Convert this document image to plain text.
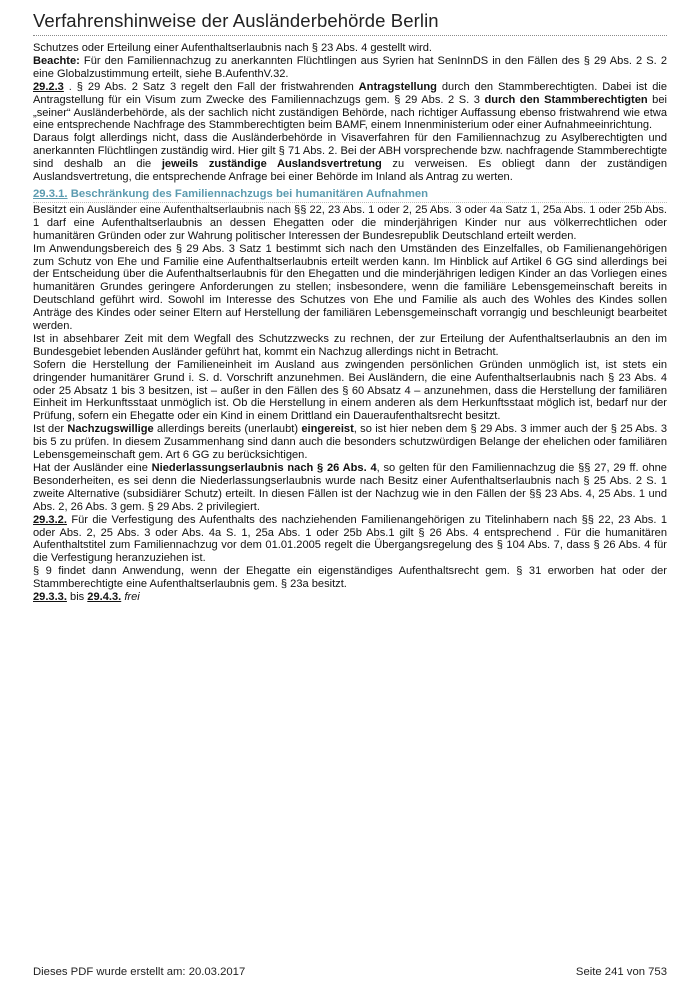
Verfahrenshinweise der Ausländerbehörde Berlin

Schutzes oder Erteilung einer Aufenthaltserlaubnis nach § 23 Abs. 4 gestellt wird.

Beachte: Für den Familiennachzug zu anerkannten Flüchtlingen aus Syrien hat SenInnDS in den Fällen des § 29 Abs. 2 S. 2 eine Globalzustimmung erteilt, siehe B.AufenthV.32.

29.2.3 . § 29 Abs. 2 Satz 3 regelt den Fall der fristwahrenden Antragstellung durch den Stammberechtigten. Dabei ist die Antragstellung für ein Visum zum Zwecke des Familiennachzugs gem. § 29 Abs. 2 S. 3 durch den Stammberechtigten bei „seiner“ Ausländerbehörde, als der sachlich nicht zuständigen Behörde, nach richtiger Auffassung ebenso fristwahrend wie etwa eine entsprechende Nachfrage des Stammberechtigten beim BAMF, einem Innenministerium oder einer Aufnahmeeinrichtung.

Daraus folgt allerdings nicht, dass die Ausländerbehörde in Visaverfahren für den Familiennachzug zu Asylberechtigten und anerkannten Flüchtlingen zuständig wird. Hier gilt § 71 Abs. 2. Bei der ABH vorsprechende bzw. nachfragende Stammberechtigte sind deshalb an die jeweils zuständige Auslandsvertretung zu verweisen. Es obliegt dann der zuständigen Auslandsvertretung, die entsprechende Anfrage bei einer Behörde im Inland als Antrag zu werten.

29.3.1. Beschränkung des Familiennachzugs bei humanitären Aufnahmen

Besitzt ein Ausländer eine Aufenthaltserlaubnis nach §§ 22, 23 Abs. 1 oder 2, 25 Abs. 3 oder 4a Satz 1, 25a Abs. 1 oder 25b Abs. 1 darf eine Aufenthaltserlaubnis an dessen Ehegatten oder die minderjährigen Kinder nur aus völkerrechtlichen oder humanitären Gründen oder zur Wahrung politischer Interessen der Bundesrepublik Deutschland erteilt werden.

Im Anwendungsbereich des § 29 Abs. 3 Satz 1 bestimmt sich nach den Umständen des Einzelfalles, ob Familienangehörigen zum Schutz von Ehe und Familie eine Aufenthaltserlaubnis erteilt werden kann. Im Hinblick auf Artikel 6 GG sind allerdings bei der Entscheidung über die Aufenthaltserlaubnis für den Ehegatten und die minderjährigen ledigen Kinder an das Vorliegen eines humanitären Grundes geringere Anforderungen zu stellen; insbesondere, wenn die familiäre Lebensgemeinschaft bereits in Deutschland geführt wird. Sowohl im Interesse des Schutzes von Ehe und Familie als auch des Wohles des Kindes sollen Anträge des Kindes oder seiner Eltern auf Herstellung der familiären Lebensgemeinschaft vorrangig und beschleunigt bearbeitet werden.

Ist in absehbarer Zeit mit dem Wegfall des Schutzzwecks zu rechnen, der zur Erteilung der Aufenthaltserlaubnis an den im Bundesgebiet lebenden Ausländer geführt hat, kommt ein Nachzug allerdings nicht in Betracht.

Sofern die Herstellung der Familieneinheit im Ausland aus zwingenden persönlichen Gründen unmöglich ist, ist stets ein dringender humanitärer Grund i. S. d. Vorschrift anzunehmen. Bei Ausländern, die eine Aufenthaltserlaubnis nach § 23 Abs. 4 oder 25 Absatz 1 bis 3 besitzen, ist – außer in den Fällen des § 60 Absatz 4 – anzunehmen, dass die Herstellung der familiären Einheit im Herkunftsstaat unmöglich ist. Ob die Herstellung in einem anderen als dem Herkunftsstaat möglich ist, bedarf nur der Prüfung, sofern ein Ehegatte oder ein Kind in einem Drittland ein Daueraufenthaltsrecht besitzt.

Ist der Nachzugswillige allerdings bereits (unerlaubt) eingereist, so ist hier neben dem § 29 Abs. 3 immer auch der § 25 Abs. 3 bis 5 zu prüfen. In diesem Zusammenhang sind dann auch die besonders schutzwürdigen Belange der ehelichen oder familiären Lebensgemeinschaft gem. Art 6 GG zu berücksichtigen.

Hat der Ausländer eine Niederlassungserlaubnis nach § 26 Abs. 4, so gelten für den Familiennachzug die §§ 27, 29 ff. ohne Besonderheiten, es sei denn die Niederlassungserlaubnis wurde nach Besitz einer Aufenthaltserlaubnis nach § 25 Abs. 2 S. 1 zweite Alternative (subsidiärer Schutz) erteilt. In diesen Fällen ist der Nachzug wie in den Fällen der §§ 23 Abs. 4, 25 Abs. 1 und Abs. 2, 26 Abs. 3 gem. § 29 Abs. 2 privilegiert.

29.3.2. Für die Verfestigung des Aufenthalts des nachziehenden Familienangehörigen zu Titelinhabern nach §§ 22, 23 Abs. 1 oder Abs. 2, 25 Abs. 3 oder Abs. 4a S. 1, 25a Abs. 1 oder 25b Abs.1 gilt § 26 Abs. 4 entsprechend . Für die humanitären Aufenthaltstitel zum Familiennachzug vor dem 01.01.2005 regelt die Übergangsregelung des § 104 Abs. 7, dass § 26 Abs. 4 für die Verfestigung heranzuziehen ist.

§ 9 findet dann Anwendung, wenn der Ehegatte ein eigenständiges Aufenthaltsrecht gem. § 31 erworben hat oder der Stammberechtigte eine Aufenthaltserlaubnis gem. § 23a besitzt.

29.3.3. bis 29.4.3. frei

Dieses PDF wurde erstellt am: 20.03.2017	Seite 241 von 753
